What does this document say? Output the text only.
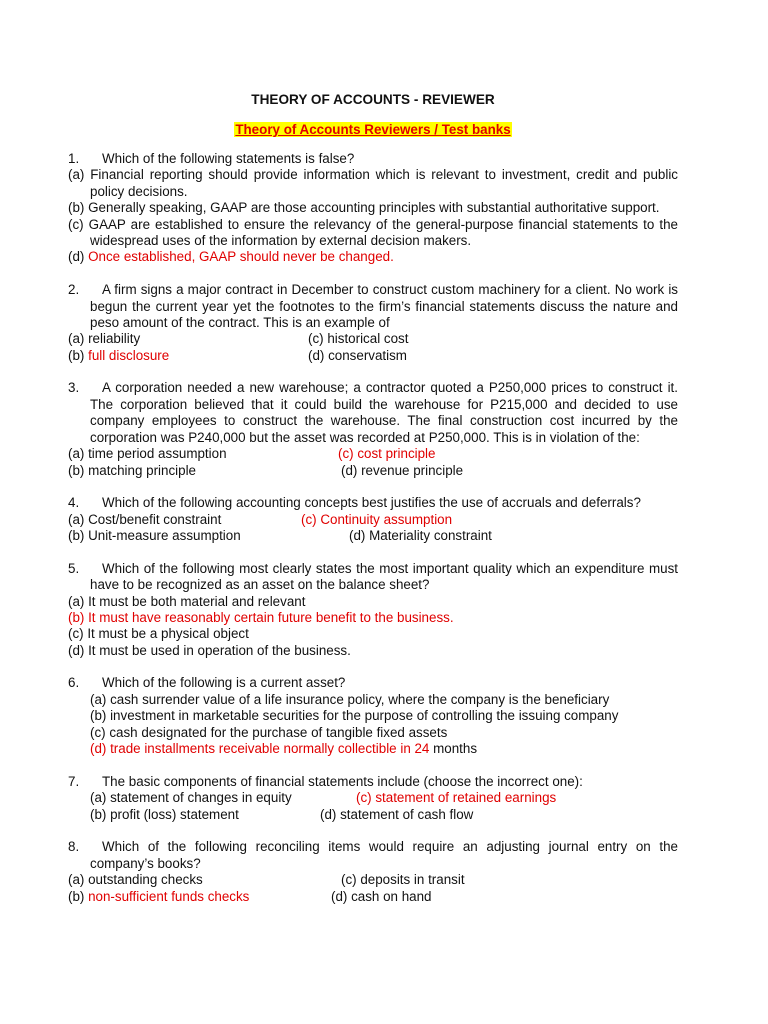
THEORY OF ACCOUNTS - REVIEWER
Theory of Accounts Reviewers / Test banks
1. Which of the following statements is false?
(a) Financial reporting should provide information which is relevant to investment, credit and public policy decisions.
(b) Generally speaking, GAAP are those accounting principles with substantial authoritative support.
(c) GAAP are established to ensure the relevancy of the general-purpose financial statements to the widespread uses of the information by external decision makers.
(d) Once established, GAAP should never be changed.
2. A firm signs a major contract in December to construct custom machinery for a client. No work is begun the current year yet the footnotes to the firm’s financial statements discuss the nature and peso amount of the contract. This is an example of
(a) reliability	(c) historical cost
(b) full disclosure	(d) conservatism
3. A corporation needed a new warehouse; a contractor quoted a P250,000 prices to construct it. The corporation believed that it could build the warehouse for P215,000 and decided to use company employees to construct the warehouse. The final construction cost incurred by the corporation was P240,000 but the asset was recorded at P250,000. This is in violation of the:
(a) time period assumption	(c) cost principle
(b) matching principle	(d) revenue principle
4. Which of the following accounting concepts best justifies the use of accruals and deferrals?
(a) Cost/benefit constraint	(c) Continuity assumption
(b) Unit-measure assumption	(d) Materiality constraint
5. Which of the following most clearly states the most important quality which an expenditure must have to be recognized as an asset on the balance sheet?
(a) It must be both material and relevant
(b) It must have reasonably certain future benefit to the business.
(c) It must be a physical object
(d) It must be used in operation of the business.
6. Which of the following is a current asset?
(a) cash surrender value of a life insurance policy, where the company is the beneficiary
(b) investment in marketable securities for the purpose of controlling the issuing company
(c) cash designated for the purchase of tangible fixed assets
(d) trade installments receivable normally collectible in 24 months
7. The basic components of financial statements include (choose the incorrect one):
(a) statement of changes in equity	(c) statement of retained earnings
(b) profit (loss) statement	(d) statement of cash flow
8. Which of the following reconciling items would require an adjusting journal entry on the company’s books?
(a) outstanding checks	(c) deposits in transit
(b) non-sufficient funds checks	(d) cash on hand
